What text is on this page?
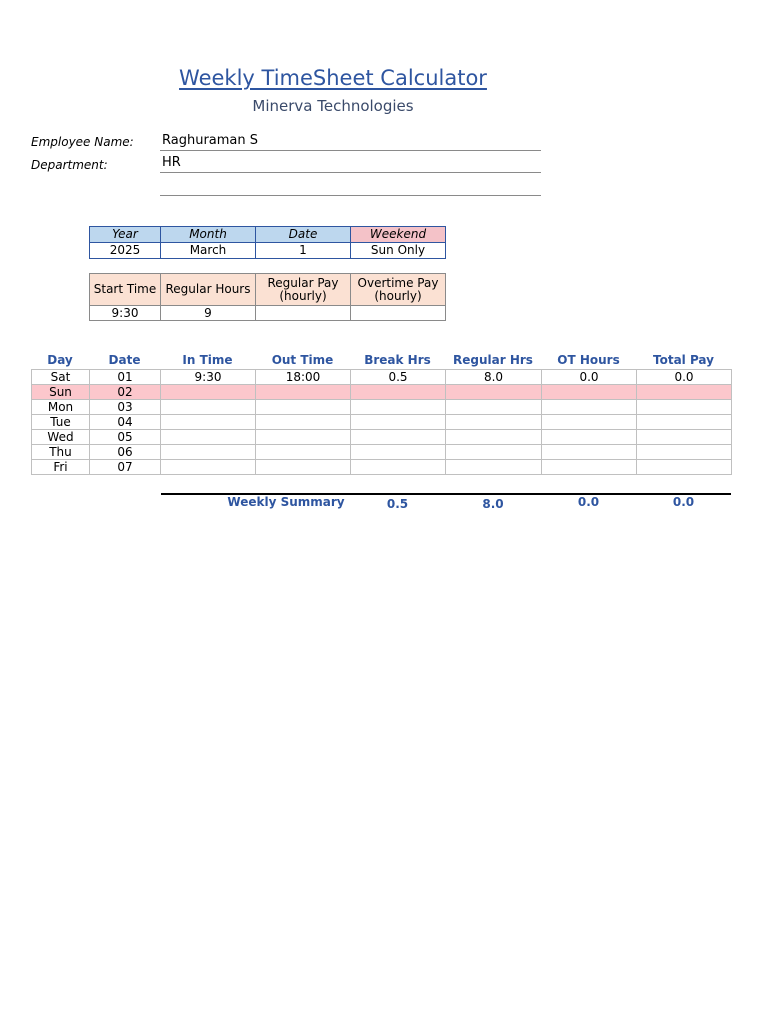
Weekly TimeSheet Calculator
Minerva Technologies
Employee Name: Raghuraman S
Department:	HR
Year	Month	Date	Weekend
2025	March	1	Sun Only
Start Time	Regular Hours	Regular Pay (hourly)	Overtime Pay (hourly)
9:30	9		
Day	Date	In Time	Out Time	Break Hrs	Regular Hrs	OT Hours	Total Pay
Sat	01	9:30	18:00	0.5	8.0	0.0	0.0
Sun	02						
Mon	03						
Tue	04						
Wed	05						
Thu	06						
Fri	07						
Weekly Summary	0.5	8.0	0.0	0.0
